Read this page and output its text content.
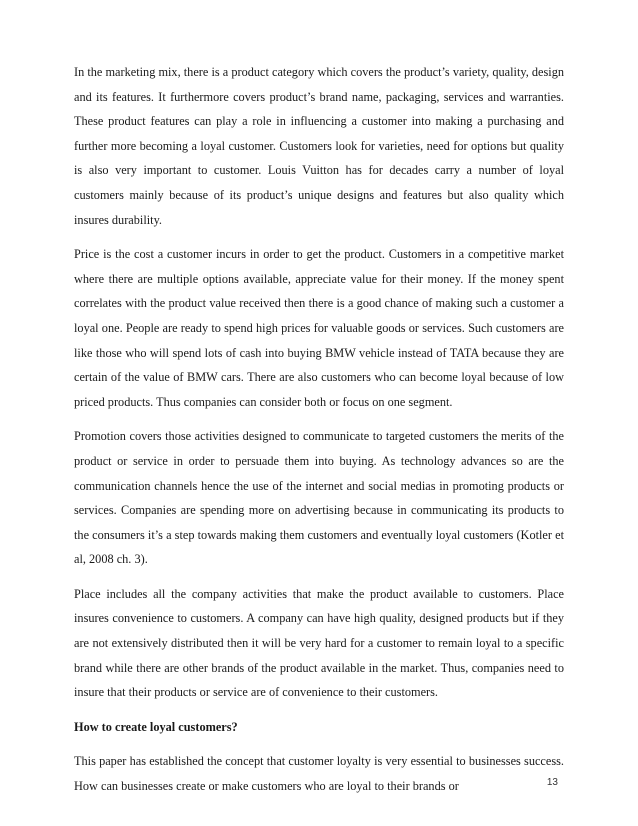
In the marketing mix, there is a product category which covers the product’s variety, quality, design and its features. It furthermore covers product’s brand name, packaging, services and warranties. These product features can play a role in influencing a customer into making a purchasing and further more becoming a loyal customer. Customers look for varieties, need for options but quality is also very important to customer. Louis Vuitton has for decades carry a number of loyal customers mainly because of its product’s unique designs and features but also quality which insures durability.

Price is the cost a customer incurs in order to get the product. Customers in a competitive market where there are multiple options available, appreciate value for their money. If the money spent correlates with the product value received then there is a good chance of making such a customer a loyal one. People are ready to spend high prices for valuable goods or services. Such customers are like those who will spend lots of cash into buying BMW vehicle instead of TATA because they are certain of the value of BMW cars. There are also customers who can become loyal because of low priced products. Thus companies can consider both or focus on one segment.

Promotion covers those activities designed to communicate to targeted customers the merits of the product or service in order to persuade them into buying. As technology advances so are the communication channels hence the use of the internet and social medias in promoting products or services. Companies are spending more on advertising because in communicating its products to the consumers it’s a step towards making them customers and eventually loyal customers (Kotler et al, 2008 ch. 3).

Place includes all the company activities that make the product available to customers. Place insures convenience to customers. A company can have high quality, designed products but if they are not extensively distributed then it will be very hard for a customer to remain loyal to a specific brand while there are other brands of the product available in the market. Thus, companies need to insure that their products or service are of convenience to their customers.

How to create loyal customers?

This paper has established the concept that customer loyalty is very essential to businesses success. How can businesses create or make customers who are loyal to their brands or	13
